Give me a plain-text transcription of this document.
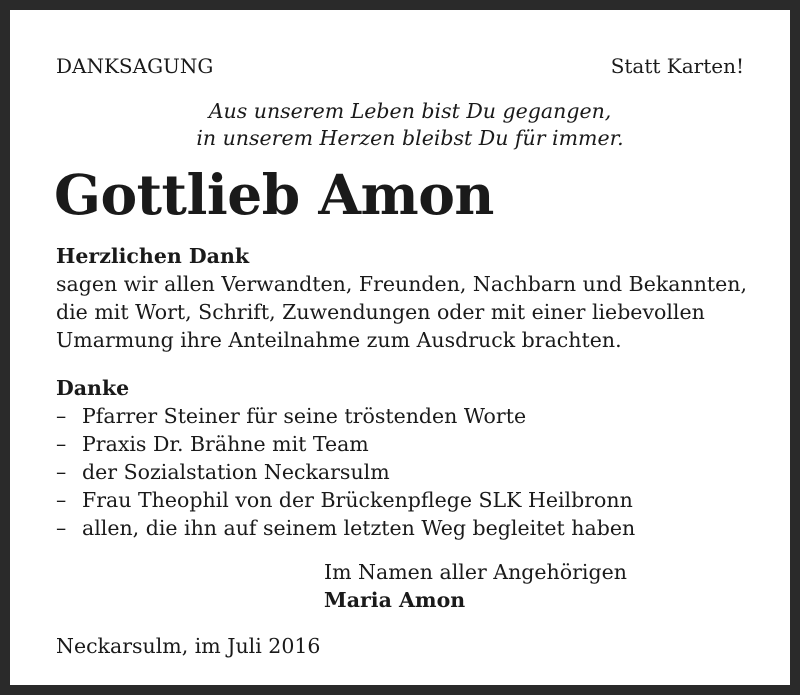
DANKSAGUNG	Statt Karten!
Aus unserem Leben bist Du gegangen,
in unserem Herzen bleibst Du für immer.
Gottlieb Amon
Herzlichen Dank
sagen wir allen Verwandten, Freunden, Nachbarn und Bekannten,
die mit Wort, Schrift, Zuwendungen oder mit einer liebevollen
Umarmung ihre Anteilnahme zum Ausdruck brachten.
Danke
– Pfarrer Steiner für seine tröstenden Worte
– Praxis Dr. Brähne mit Team
– der Sozialstation Neckarsulm
– Frau Theophil von der Brückenpflege SLK Heilbronn
– allen, die ihn auf seinem letzten Weg begleitet haben
Im Namen aller Angehörigen
Maria Amon
Neckarsulm, im Juli 2016
